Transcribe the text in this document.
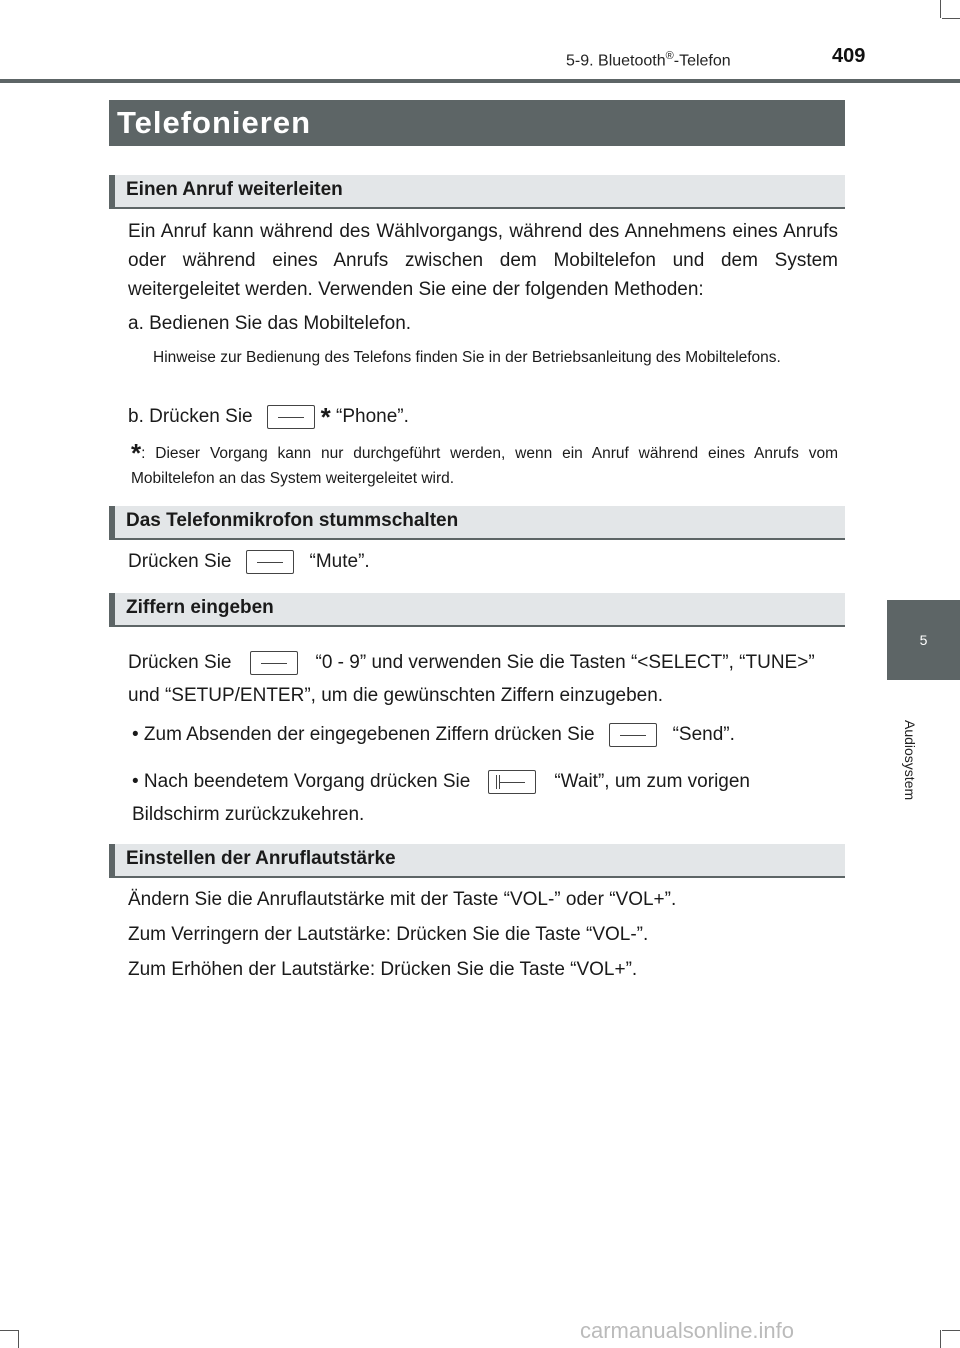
5-9. Bluetooth®-Telefon	409
Telefonieren
Einen Anruf weiterleiten
Ein Anruf kann während des Wählvorgangs, während des Annehmens eines Anrufs oder während eines Anrufs zwischen dem Mobiltelefon und dem System weitergeleitet werden. Verwenden Sie eine der folgenden Methoden:
a. Bedienen Sie das Mobiltelefon.
Hinweise zur Bedienung des Telefons finden Sie in der Betriebsanleitung des Mobiltelefons.
b. Drücken Sie	* “Phone”.
*: Dieser Vorgang kann nur durchgeführt werden, wenn ein Anruf während eines Anrufs vom Mobiltelefon an das System weitergeleitet wird.
Das Telefonmikrofon stummschalten
Drücken Sie	“Mute”.
Ziffern eingeben
Drücken Sie	“0 - 9” und verwenden Sie die Tasten “<SELECT”, “TUNE>” und “SETUP/ENTER”, um die gewünschten Ziffern einzugeben.
• Zum Absenden der eingegebenen Ziffern drücken Sie	“Send”.
• Nach beendetem Vorgang drücken Sie	“Wait”, um zum vorigen Bildschirm zurückzukehren.
Einstellen der Anruflautstärke
Ändern Sie die Anruflautstärke mit der Taste “VOL-” oder “VOL+”.
Zum Verringern der Lautstärke: Drücken Sie die Taste “VOL-”.
Zum Erhöhen der Lautstärke: Drücken Sie die Taste “VOL+”.
5
Audiosystem
carmanualsonline.info
